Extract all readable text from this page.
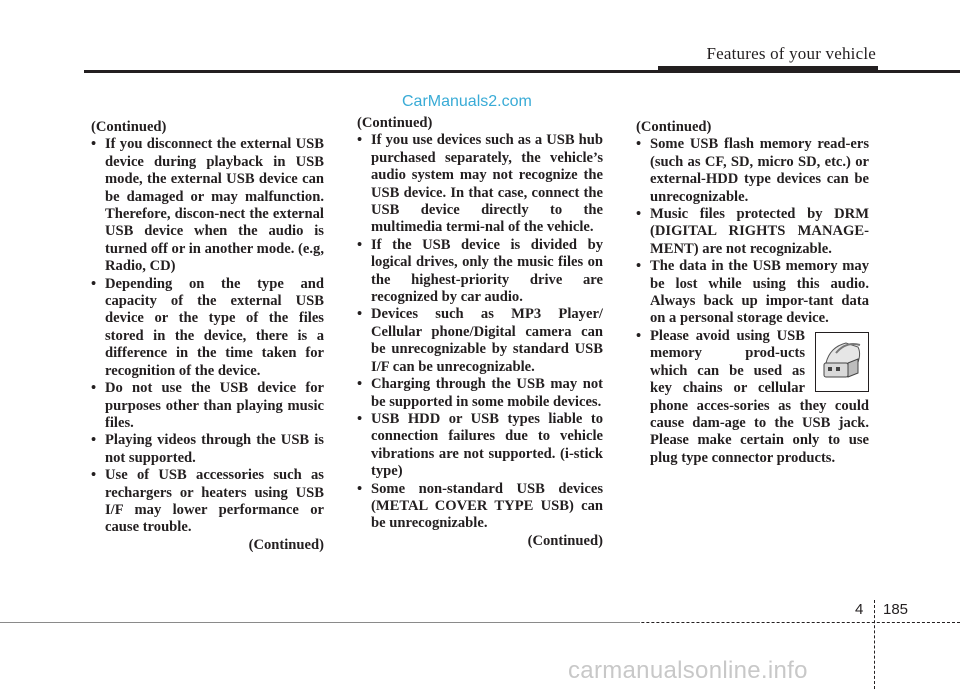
Features of your vehicle
CarManuals2.com
(Continued)
• If you disconnect the external USB device during playback in USB mode, the external USB device can be damaged or may malfunction. Therefore, discon-nect the external USB device when the audio is turned off or in another mode. (e.g, Radio, CD)
• Depending on the type and capacity of the external USB device or the type of the files stored in the device, there is a difference in the time taken for recognition of the device.
• Do not use the USB device for purposes other than playing music files.
• Playing videos through the USB is not supported.
• Use of USB accessories such as rechargers or heaters using USB I/F may lower performance or cause trouble.
(Continued)
(Continued)
• If you use devices such as a USB hub purchased separately, the vehicle’s audio system may not recognize the USB device. In that case, connect the USB device directly to the multimedia termi-nal of the vehicle.
• If the USB device is divided by logical drives, only the music files on the highest-priority drive are recognized by car audio.
• Devices such as MP3 Player/ Cellular phone/Digital camera can be unrecognizable by standard USB I/F can be unrecognizable.
• Charging through the USB may not be supported in some mobile devices.
• USB HDD or USB types liable to connection failures due to vehicle vibrations are not supported. (i-stick type)
• Some non-standard USB devices (METAL COVER TYPE USB) can be unrecognizable.
(Continued)
(Continued)
• Some USB flash memory read-ers (such as CF, SD, micro SD, etc.) or external-HDD type devices can be unrecognizable.
• Music files protected by DRM (DIGITAL RIGHTS MANAGE-MENT) are not recognizable.
• The data in the USB memory may be lost while using this audio. Always back up impor-tant data on a personal storage device.
• Please avoid using USB memory prod-ucts which can be used as key chains or cellular phone acces-sories as they could cause dam-age to the USB jack. Please make certain only to use plug type connector products.
4 185
carmanualsonline.info
